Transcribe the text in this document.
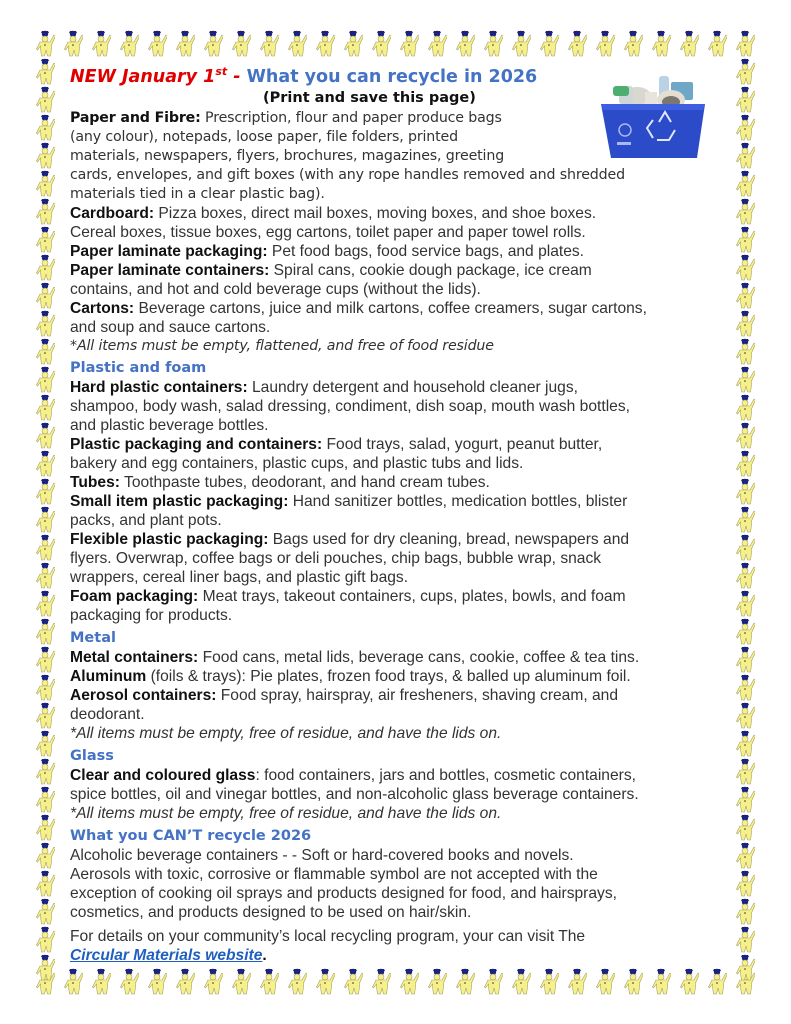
NEW January 1st - What you can recycle in 2026
(Print and save this page)
Paper and Fibre: Prescription, flour and paper produce bags
(any colour), notepads, loose paper, file folders, printed
materials, newspapers, flyers, brochures, magazines, greeting
cards, envelopes, and gift boxes (with any rope handles removed and shredded
materials tied in a clear plastic bag).
Cardboard: Pizza boxes, direct mail boxes, moving boxes, and shoe boxes.
Cereal boxes, tissue boxes, egg cartons, toilet paper and paper towel rolls.
Paper laminate packaging: Pet food bags, food service bags, and plates.
Paper laminate containers: Spiral cans, cookie dough package, ice cream
contains, and hot and cold beverage cups (without the lids).
Cartons: Beverage cartons, juice and milk cartons, coffee creamers, sugar cartons,
and soup and sauce cartons.
*All items must be empty, flattened, and free of food residue
Plastic and foam
Hard plastic containers: Laundry detergent and household cleaner jugs,
shampoo, body wash, salad dressing, condiment, dish soap, mouth wash bottles,
and plastic beverage bottles.
Plastic packaging and containers: Food trays, salad, yogurt, peanut butter,
bakery and egg containers, plastic cups, and plastic tubs and lids.
Tubes: Toothpaste tubes, deodorant, and hand cream tubes.
Small item plastic packaging: Hand sanitizer bottles, medication bottles, blister
packs, and plant pots.
Flexible plastic packaging: Bags used for dry cleaning, bread, newspapers and
flyers. Overwrap, coffee bags or deli pouches, chip bags, bubble wrap, snack
wrappers, cereal liner bags, and plastic gift bags.
Foam packaging: Meat trays, takeout containers, cups, plates, bowls, and foam
packaging for products.
Metal
Metal containers: Food cans, metal lids, beverage cans, cookie, coffee & tea tins.
Aluminum (foils & trays): Pie plates, frozen food trays, & balled up aluminum foil.
Aerosol containers: Food spray, hairspray, air fresheners, shaving cream, and
deodorant.
*All items must be empty, free of residue, and have the lids on.
Glass
Clear and coloured glass: food containers, jars and bottles, cosmetic containers,
spice bottles, oil and vinegar bottles, and non-alcoholic glass beverage containers.
*All items must be empty, free of residue, and have the lids on.
What you CAN’T recycle 2026
Alcoholic beverage containers - - Soft or hard-covered books and novels.
Aerosols with toxic, corrosive or flammable symbol are not accepted with the
exception of cooking oil sprays and products designed for food, and hairsprays,
cosmetics, and products designed to be used on hair/skin.
For details on your community’s local recycling program, your can visit The
Circular Materials website.
